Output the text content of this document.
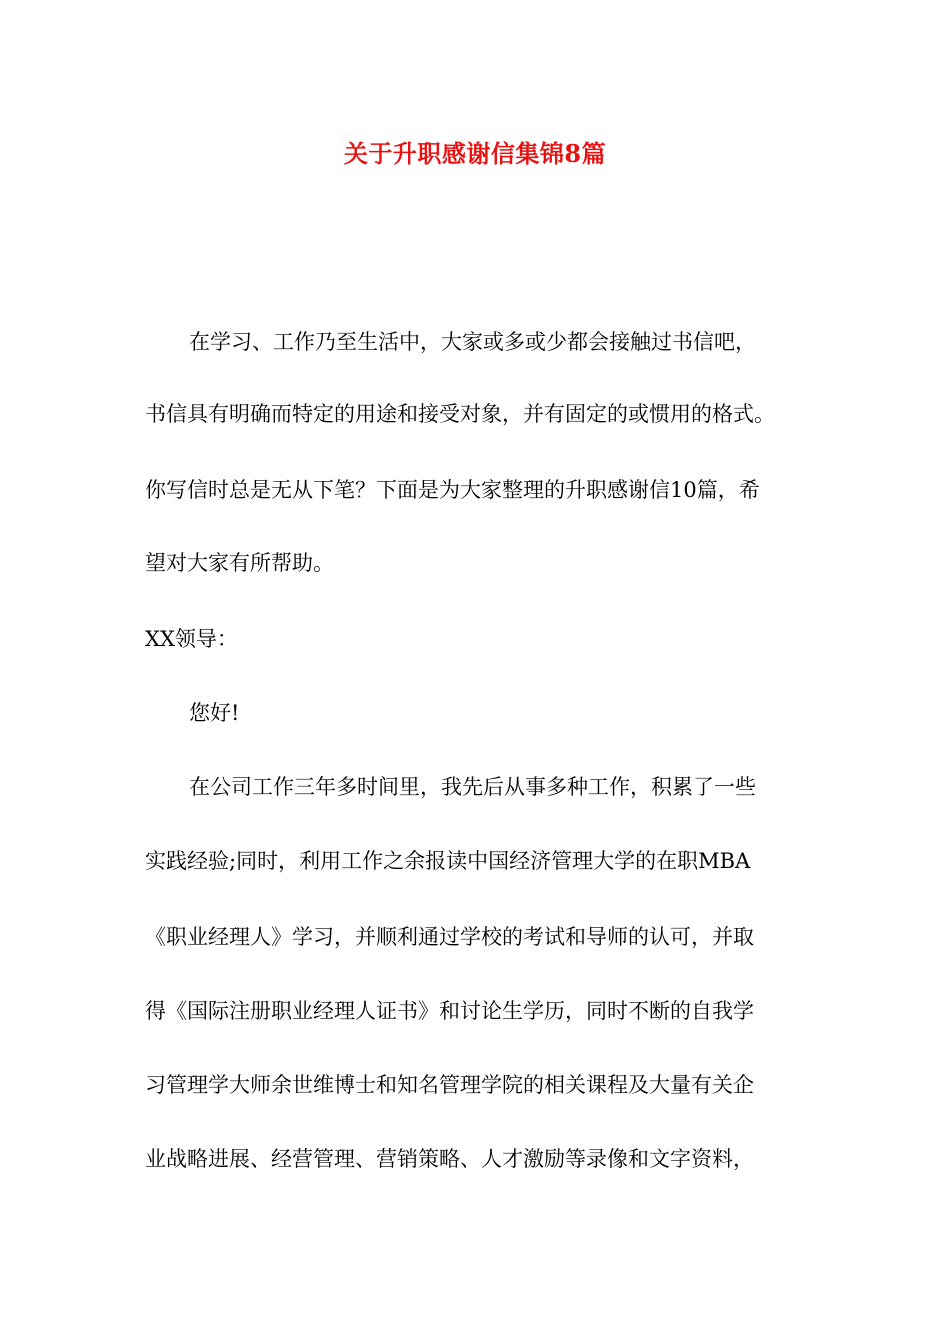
关于升职感谢信集锦8篇
在学习、工作乃至生活中，大家或多或少都会接触过书信吧，
书信具有明确而特定的用途和接受对象，并有固定的或惯用的格式。
你写信时总是无从下笔？下面是为大家整理的升职感谢信10篇，希
望对大家有所帮助。
XX领导：
您好!
在公司工作三年多时间里，我先后从事多种工作，积累了一些
实践经验;同时，利用工作之余报读中国经济管理大学的在职MBA
《职业经理人》学习，并顺利通过学校的考试和导师的认可，并取
得《国际注册职业经理人证书》和讨论生学历，同时不断的自我学
习管理学大师余世维博士和知名管理学院的相关课程及大量有关企
业战略进展、经营管理、营销策略、人才激励等录像和文字资料，
